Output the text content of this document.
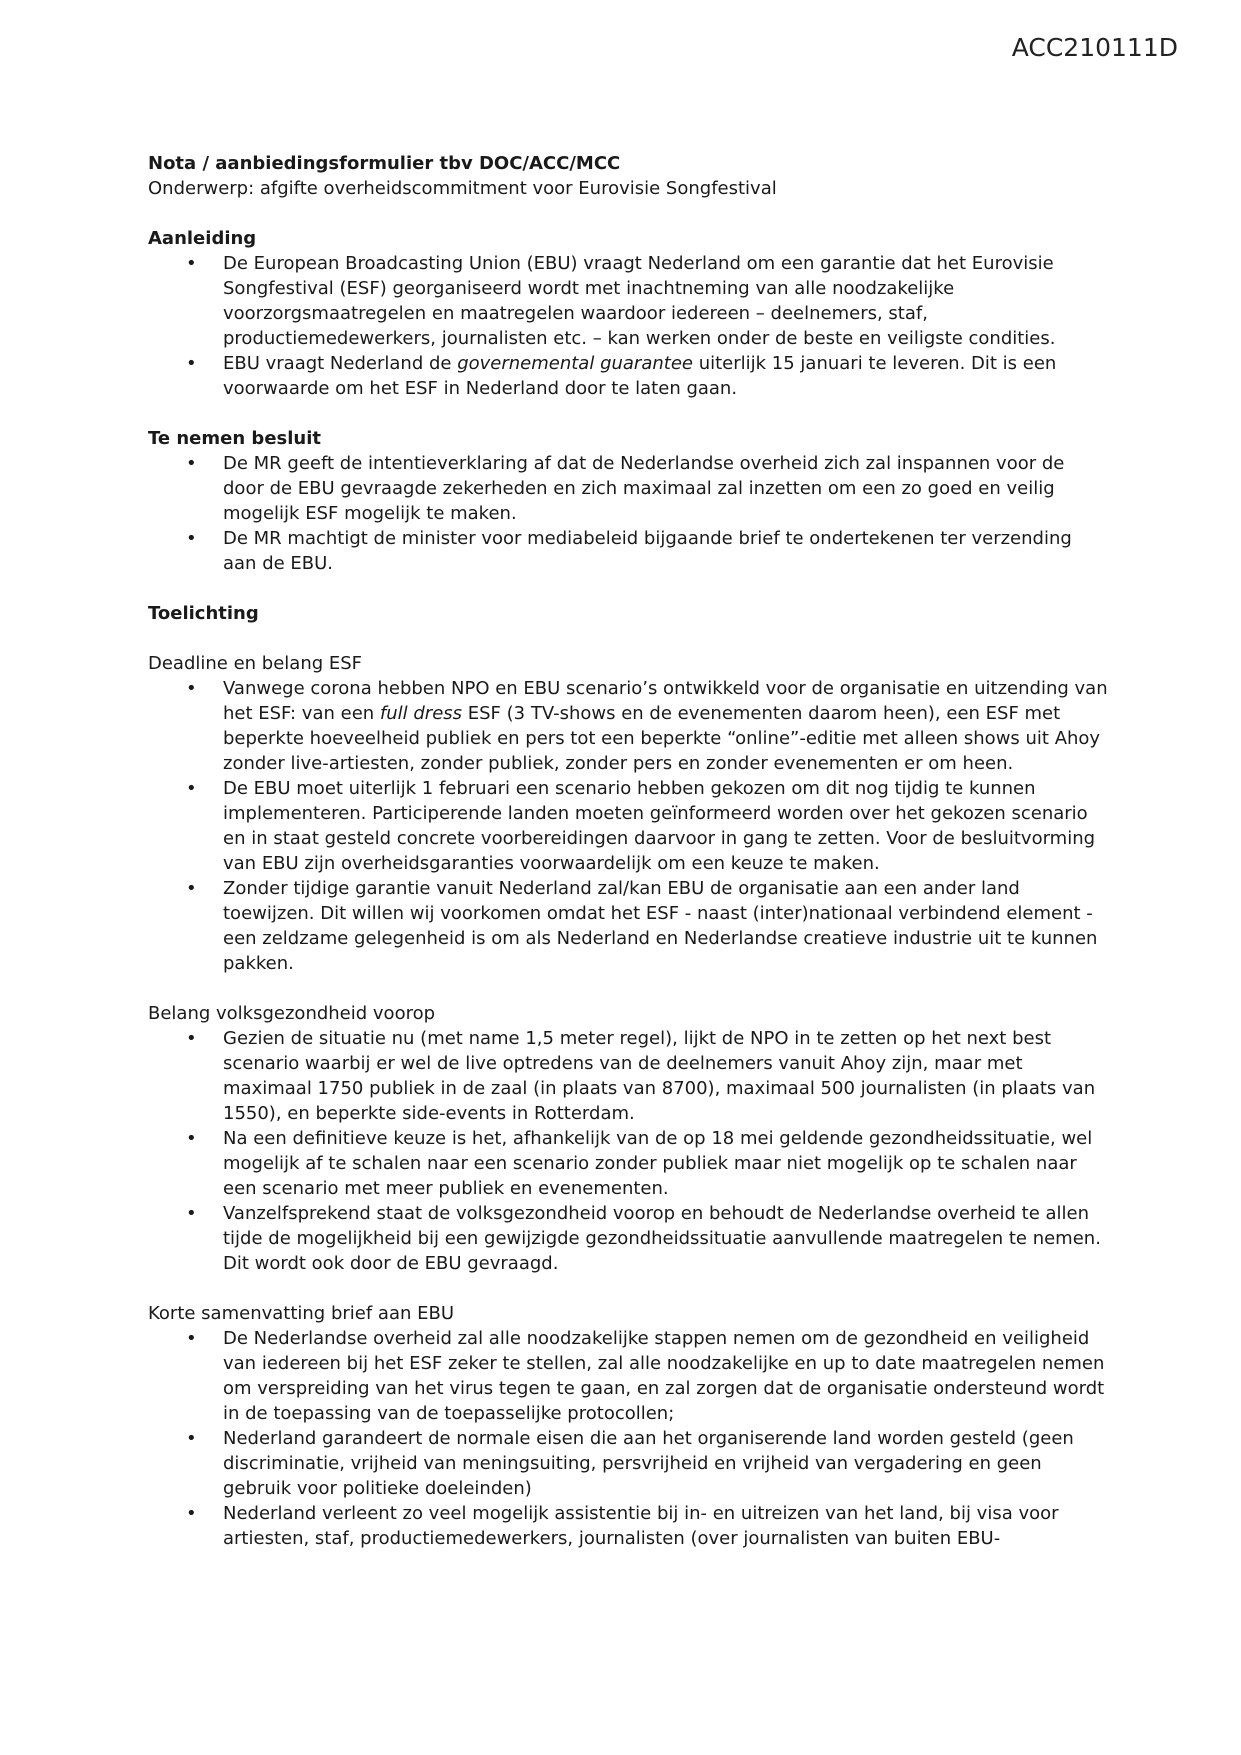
ACC210111D
Nota / aanbiedingsformulier tbv DOC/ACC/MCC
Onderwerp: afgifte overheidscommitment voor Eurovisie Songfestival
Aanleiding
• De European Broadcasting Union (EBU) vraagt Nederland om een garantie dat het Eurovisie Songfestival (ESF) georganiseerd wordt met inachtneming van alle noodzakelijke voorzorgsmaatregelen en maatregelen waardoor iedereen – deelnemers, staf, productiemedewerkers, journalisten etc. – kan werken onder de beste en veiligste condities.
• EBU vraagt Nederland de governemental guarantee uiterlijk 15 januari te leveren. Dit is een voorwaarde om het ESF in Nederland door te laten gaan.
Te nemen besluit
• De MR geeft de intentieverklaring af dat de Nederlandse overheid zich zal inspannen voor de door de EBU gevraagde zekerheden en zich maximaal zal inzetten om een zo goed en veilig mogelijk ESF mogelijk te maken.
• De MR machtigt de minister voor mediabeleid bijgaande brief te ondertekenen ter verzending aan de EBU.
Toelichting
Deadline en belang ESF
• Vanwege corona hebben NPO en EBU scenario’s ontwikkeld voor de organisatie en uitzending van het ESF: van een full dress ESF (3 TV-shows en de evenementen daarom heen), een ESF met beperkte hoeveelheid publiek en pers tot een beperkte “online”-editie met alleen shows uit Ahoy zonder live-artiesten, zonder publiek, zonder pers en zonder evenementen er om heen.
• De EBU moet uiterlijk 1 februari een scenario hebben gekozen om dit nog tijdig te kunnen implementeren. Participerende landen moeten geïnformeerd worden over het gekozen scenario en in staat gesteld concrete voorbereidingen daarvoor in gang te zetten. Voor de besluitvorming van EBU zijn overheidsgaranties voorwaardelijk om een keuze te maken.
• Zonder tijdige garantie vanuit Nederland zal/kan EBU de organisatie aan een ander land toewijzen. Dit willen wij voorkomen omdat het ESF - naast (inter)nationaal verbindend element - een zeldzame gelegenheid is om als Nederland en Nederlandse creatieve industrie uit te kunnen pakken.
Belang volksgezondheid voorop
• Gezien de situatie nu (met name 1,5 meter regel), lijkt de NPO in te zetten op het next best scenario waarbij er wel de live optredens van de deelnemers vanuit Ahoy zijn, maar met maximaal 1750 publiek in de zaal (in plaats van 8700), maximaal 500 journalisten (in plaats van 1550), en beperkte side-events in Rotterdam.
• Na een definitieve keuze is het, afhankelijk van de op 18 mei geldende gezondheidssituatie, wel mogelijk af te schalen naar een scenario zonder publiek maar niet mogelijk op te schalen naar een scenario met meer publiek en evenementen.
• Vanzelfsprekend staat de volksgezondheid voorop en behoudt de Nederlandse overheid te allen tijde de mogelijkheid bij een gewijzigde gezondheidssituatie aanvullende maatregelen te nemen. Dit wordt ook door de EBU gevraagd.
Korte samenvatting brief aan EBU
• De Nederlandse overheid zal alle noodzakelijke stappen nemen om de gezondheid en veiligheid van iedereen bij het ESF zeker te stellen, zal alle noodzakelijke en up to date maatregelen nemen om verspreiding van het virus tegen te gaan, en zal zorgen dat de organisatie ondersteund wordt in de toepassing van de toepasselijke protocollen;
• Nederland garandeert de normale eisen die aan het organiserende land worden gesteld (geen discriminatie, vrijheid van meningsuiting, persvrijheid en vrijheid van vergadering en geen gebruik voor politieke doeleinden)
• Nederland verleent zo veel mogelijk assistentie bij in- en uitreizen van het land, bij visa voor artiesten, staf, productiemedewerkers, journalisten (over journalisten van buiten EBU-
